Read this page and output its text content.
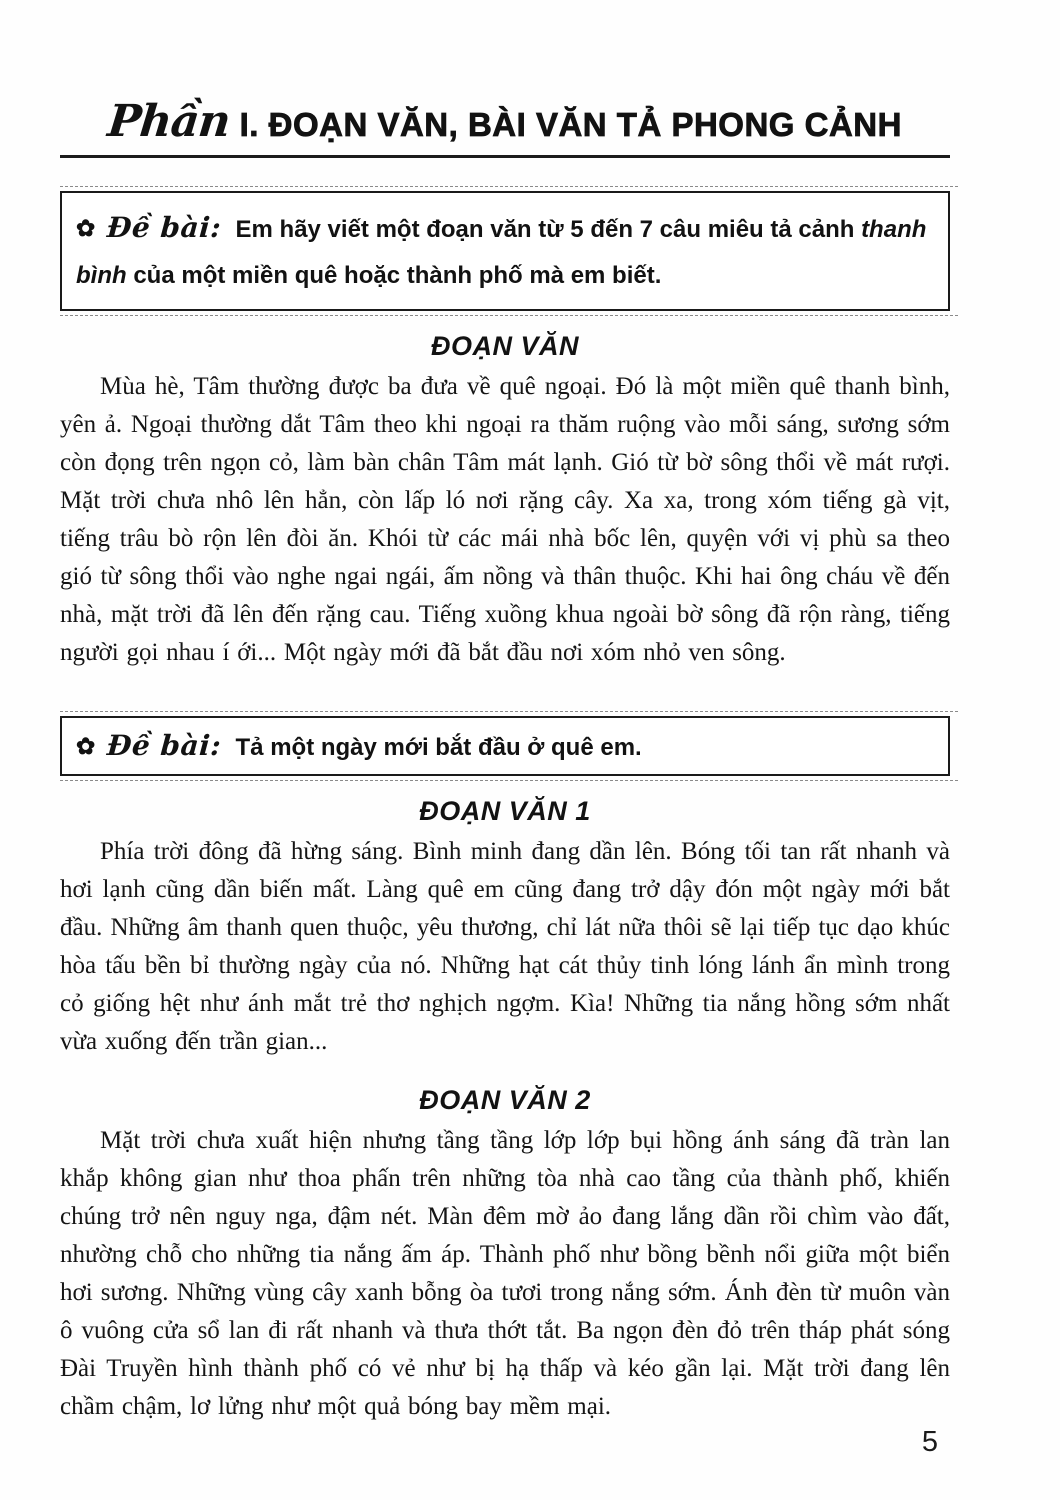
Phần I. ĐOẠN VĂN, BÀI VĂN TẢ PHONG CẢNH
✿ Đề bài: Em hãy viết một đoạn văn từ 5 đến 7 câu miêu tả cảnh thanh bình của một miền quê hoặc thành phố mà em biết.
ĐOẠN VĂN

Mùa hè, Tâm thường được ba đưa về quê ngoại. Đó là một miền quê thanh bình, yên ả. Ngoại thường dắt Tâm theo khi ngoại ra thăm ruộng vào mỗi sáng, sương sớm còn đọng trên ngọn cỏ, làm bàn chân Tâm mát lạnh. Gió từ bờ sông thổi về mát rượi. Mặt trời chưa nhô lên hẳn, còn lấp ló nơi rặng cây. Xa xa, trong xóm tiếng gà vịt, tiếng trâu bò rộn lên đòi ăn. Khói từ các mái nhà bốc lên, quyện với vị phù sa theo gió từ sông thổi vào nghe ngai ngái, ấm nồng và thân thuộc. Khi hai ông cháu về đến nhà, mặt trời đã lên đến rặng cau. Tiếng xuồng khua ngoài bờ sông đã rộn ràng, tiếng người gọi nhau í ới... Một ngày mới đã bắt đầu nơi xóm nhỏ ven sông.

✿ Đề bài: Tả một ngày mới bắt đầu ở quê em.
ĐOẠN VĂN 1

Phía trời đông đã hừng sáng. Bình minh đang dần lên. Bóng tối tan rất nhanh và hơi lạnh cũng dần biến mất. Làng quê em cũng đang trở dậy đón một ngày mới bắt đầu. Những âm thanh quen thuộc, yêu thương, chỉ lát nữa thôi sẽ lại tiếp tục dạo khúc hòa tấu bền bỉ thường ngày của nó. Những hạt cát thủy tinh lóng lánh ẩn mình trong cỏ giống hệt như ánh mắt trẻ thơ nghịch ngợm. Kìa! Những tia nắng hồng sớm nhất vừa xuống đến trần gian...

ĐOẠN VĂN 2

Mặt trời chưa xuất hiện nhưng tầng tầng lớp lớp bụi hồng ánh sáng đã tràn lan khắp không gian như thoa phấn trên những tòa nhà cao tầng của thành phố, khiến chúng trở nên nguy nga, đậm nét. Màn đêm mờ ảo đang lắng dần rồi chìm vào đất, nhường chỗ cho những tia nắng ấm áp. Thành phố như bồng bềnh nổi giữa một biển hơi sương. Những vùng cây xanh bỗng òa tươi trong nắng sớm. Ánh đèn từ muôn vàn ô vuông cửa sổ lan đi rất nhanh và thưa thớt tắt. Ba ngọn đèn đỏ trên tháp phát sóng Đài Truyền hình thành phố có vẻ như bị hạ thấp và kéo gần lại. Mặt trời đang lên chầm chậm, lơ lửng như một quả bóng bay mềm mại.

5
